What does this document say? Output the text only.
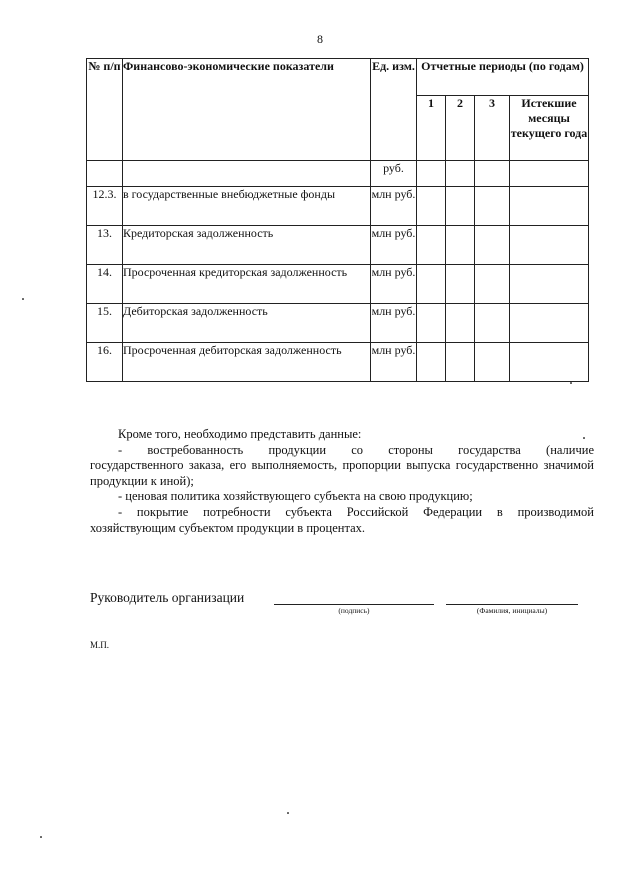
8
№ п/п	Финансово-экономические показатели	Ед. изм.	Отчетные периоды (по годам)			
			1	2	3	Истекшие месяцы текущего года
		руб.				
12.3.	в государственные внебюджетные фонды	млн руб.				
13.	Кредиторская задолженность	млн руб.				
14.	Просроченная кредиторская задолженность	млн руб.				
15.	Дебиторская задолженность	млн руб.				
16.	Просроченная дебиторская задолженность	млн руб.				

Кроме того, необходимо представить данные:

- востребованность продукции со стороны государства (наличие

государственного заказа, его выполняемость, пропорции выпуска государственно значимой продукции к иной);

- ценовая политика хозяйствующего субъекта на свою продукцию;

- покрытие потребности субъекта Российской Федерации в производимой хозяйствующим субъектом продукции в процентах.

Руководитель организации
(подпись)	(Фамилия, инициалы)
М.П.
